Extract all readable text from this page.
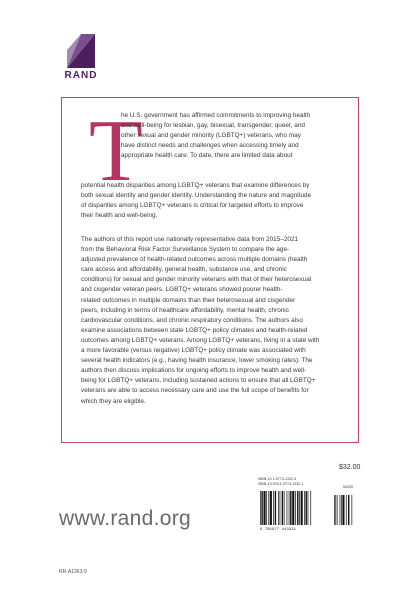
RAND
T
he U.S. government has affirmed commitments to improving health
and well-being for lesbian, gay, bisexual, transgender, queer, and
other sexual and gender minority (LGBTQ+) veterans, who may
have distinct needs and challenges when accessing timely and
appropriate health care. To date, there are limited data about
potential health disparities among LGBTQ+ veterans that examine differences by
both sexual identity and gender identity. Understanding the nature and magnitude
of disparities among LGBTQ+ veterans is critical for targeted efforts to improve
their health and well-being.
The authors of this report use nationally representative data from 2015–2021
from the Behavioral Risk Factor Surveillance System to compare the age-
adjusted prevalence of health-related outcomes across multiple domains (health
care access and affordability, general health, substance use, and chronic
conditions) for sexual and gender minority veterans with that of their heterosexual
and cisgender veteran peers. LGBTQ+ veterans showed poorer health-
related outcomes in multiple domains than their heterosexual and cisgender
peers, including in terms of healthcare affordability, mental health, chronic
cardiovascular conditions, and chronic respiratory conditions. The authors also
examine associations between state LGBTQ+ policy climates and health-related
outcomes among LGBTQ+ veterans. Among LGBTQ+ veterans, living in a state with
a more favorable (versus negative) LGBTQ+ policy climate was associated with
several health indicators (e.g., having health insurance, lower smoking rates). The
authors then discuss implications for ongoing efforts to improve health and well-
being for LGBTQ+ veterans, including sustained actions to ensure that all LGBTQ+
veterans are able to access necessary care and use the full scope of benefits for
which they are eligible.
$32.00
ISBN-10 1-9774-1332-3
ISBN-13 978-1-9774-1332-1
53200
9 781977 413321
www.rand.org
RR-A1363-9
